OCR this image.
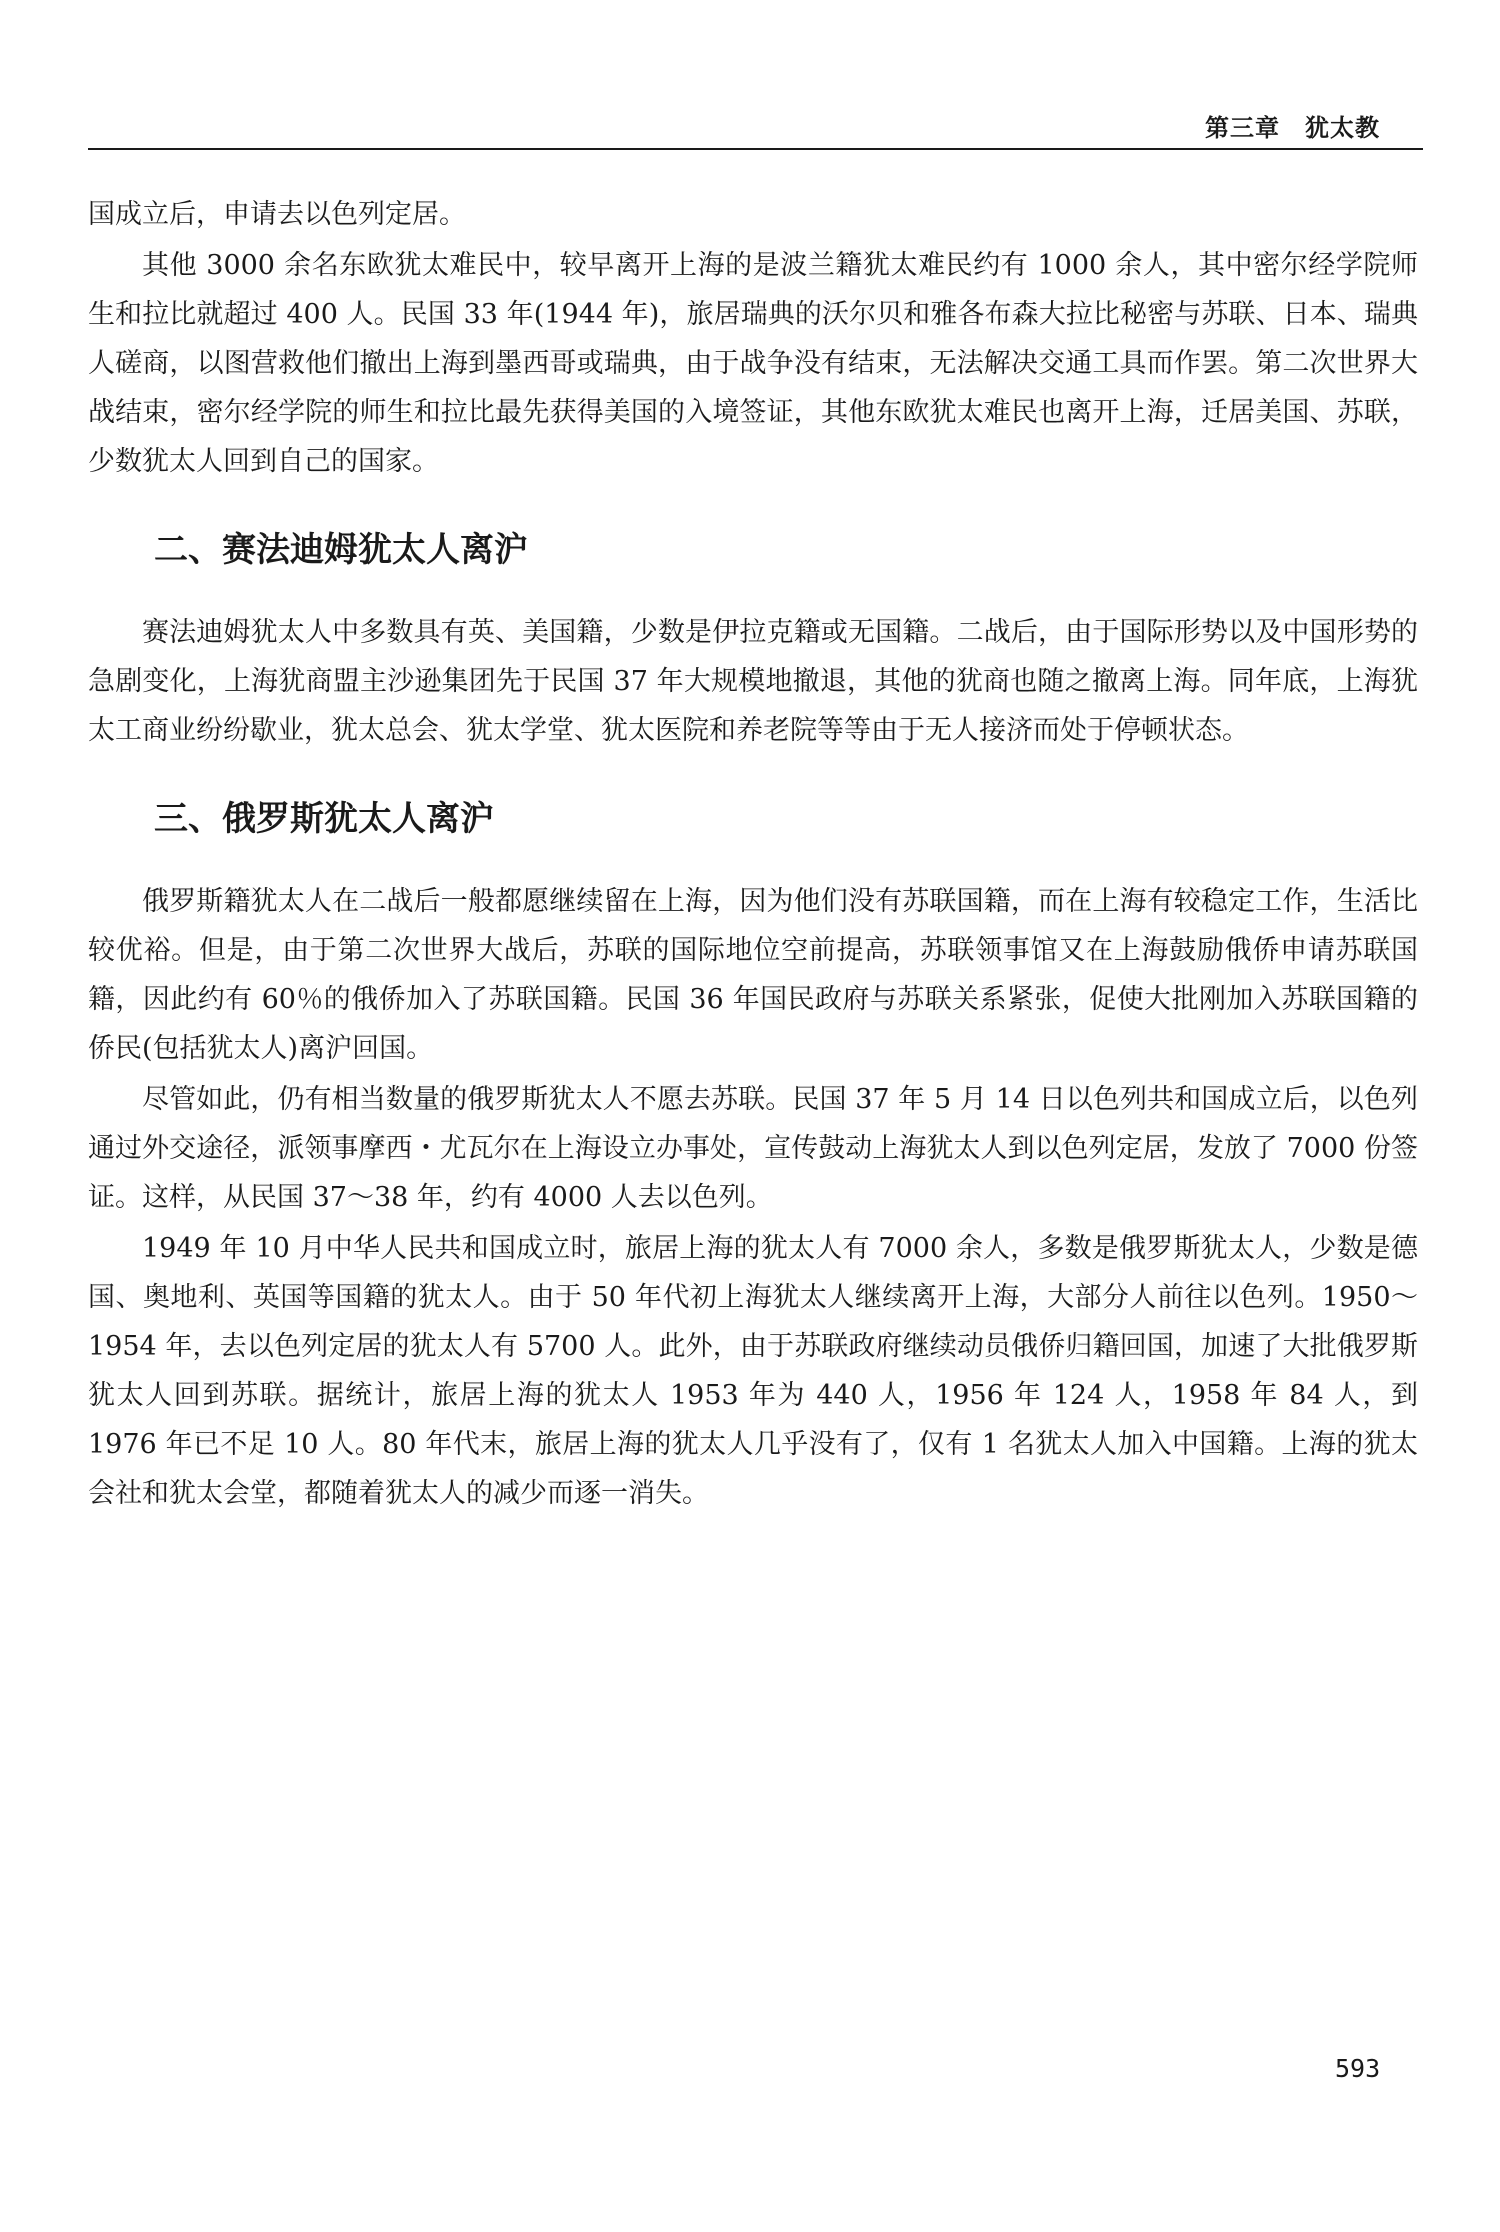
第三章　犹太教

国成立后，申请去以色列定居。

其他 3000 余名东欧犹太难民中，较早离开上海的是波兰籍犹太难民约有 1000 余人，其中密尔经学院师生和拉比就超过 400 人。民国 33 年(1944 年)，旅居瑞典的沃尔贝和雅各布森大拉比秘密与苏联、日本、瑞典人磋商，以图营救他们撤出上海到墨西哥或瑞典，由于战争没有结束，无法解决交通工具而作罢。第二次世界大战结束，密尔经学院的师生和拉比最先获得美国的入境签证，其他东欧犹太难民也离开上海，迁居美国、苏联，少数犹太人回到自己的国家。

二、赛法迪姆犹太人离沪

赛法迪姆犹太人中多数具有英、美国籍，少数是伊拉克籍或无国籍。二战后，由于国际形势以及中国形势的急剧变化，上海犹商盟主沙逊集团先于民国 37 年大规模地撤退，其他的犹商也随之撤离上海。同年底，上海犹太工商业纷纷歇业，犹太总会、犹太学堂、犹太医院和养老院等等由于无人接济而处于停顿状态。

三、俄罗斯犹太人离沪

俄罗斯籍犹太人在二战后一般都愿继续留在上海，因为他们没有苏联国籍，而在上海有较稳定工作，生活比较优裕。但是，由于第二次世界大战后，苏联的国际地位空前提高，苏联领事馆又在上海鼓励俄侨申请苏联国籍，因此约有 60％的俄侨加入了苏联国籍。民国 36 年国民政府与苏联关系紧张，促使大批刚加入苏联国籍的侨民(包括犹太人)离沪回国。

尽管如此，仍有相当数量的俄罗斯犹太人不愿去苏联。民国 37 年 5 月 14 日以色列共和国成立后，以色列通过外交途径，派领事摩西・尤瓦尔在上海设立办事处，宣传鼓动上海犹太人到以色列定居，发放了 7000 份签证。这样，从民国 37～38 年，约有 4000 人去以色列。

1949 年 10 月中华人民共和国成立时，旅居上海的犹太人有 7000 余人，多数是俄罗斯犹太人，少数是德国、奥地利、英国等国籍的犹太人。由于 50 年代初上海犹太人继续离开上海，大部分人前往以色列。1950～1954 年，去以色列定居的犹太人有 5700 人。此外，由于苏联政府继续动员俄侨归籍回国，加速了大批俄罗斯犹太人回到苏联。据统计，旅居上海的犹太人 1953 年为 440 人，1956 年 124 人，1958 年 84 人，到 1976 年已不足 10 人。80 年代末，旅居上海的犹太人几乎没有了，仅有 1 名犹太人加入中国籍。上海的犹太会社和犹太会堂，都随着犹太人的减少而逐一消失。

593
